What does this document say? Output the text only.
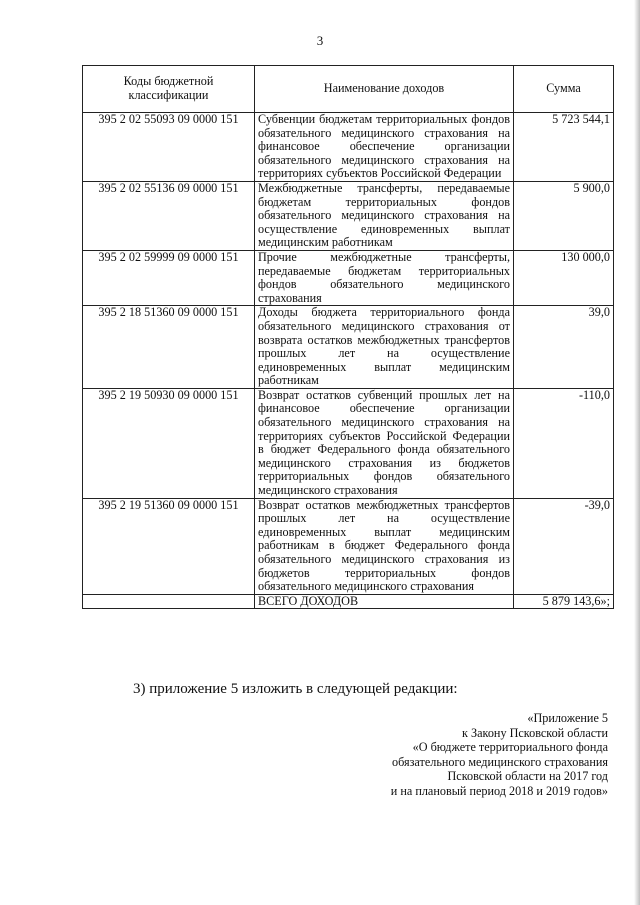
3
Коды бюджетной классификации	Наименование доходов	Сумма
395 2 02 55093 09 0000 151	Субвенции бюджетам территориальных фондов обязательного медицинского страхования на финансовое обеспечение организации обязательного медицинского страхования на территориях субъектов Российской Федерации	5 723 544,1
395 2 02 55136 09 0000 151	Межбюджетные трансферты, передаваемые бюджетам территориальных фондов обязательного медицинского страхования на осуществление единовременных выплат медицинским работникам	5 900,0
395 2 02 59999 09 0000 151	Прочие межбюджетные трансферты, передаваемые бюджетам территориальных фондов обязательного медицинского страхования	130 000,0
395 2 18 51360 09 0000 151	Доходы бюджета территориального фонда обязательного медицинского страхования от возврата остатков межбюджетных трансфертов прошлых лет на осуществление единовременных выплат медицинским работникам	39,0
395 2 19 50930 09 0000 151	Возврат остатков субвенций прошлых лет на финансовое обеспечение организации обязательного медицинского страхования на территориях субъектов Российской Федерации в бюджет Федерального фонда обязательного медицинского страхования из бюджетов территориальных фондов обязательного медицинского страхования	-110,0
395 2 19 51360 09 0000 151	Возврат остатков межбюджетных трансфертов прошлых лет на осуществление единовременных выплат медицинским работникам в бюджет Федерального фонда обязательного медицинского страхования из бюджетов территориальных фондов обязательного медицинского страхования	-39,0
	ВСЕГО ДОХОДОВ	5 879 143,6»;
3) приложение 5 изложить в следующей редакции:
«Приложение 5
к Закону Псковской области
«О бюджете территориального фонда
обязательного медицинского страхования
Псковской области на 2017 год
и на плановый период 2018 и 2019 годов»
